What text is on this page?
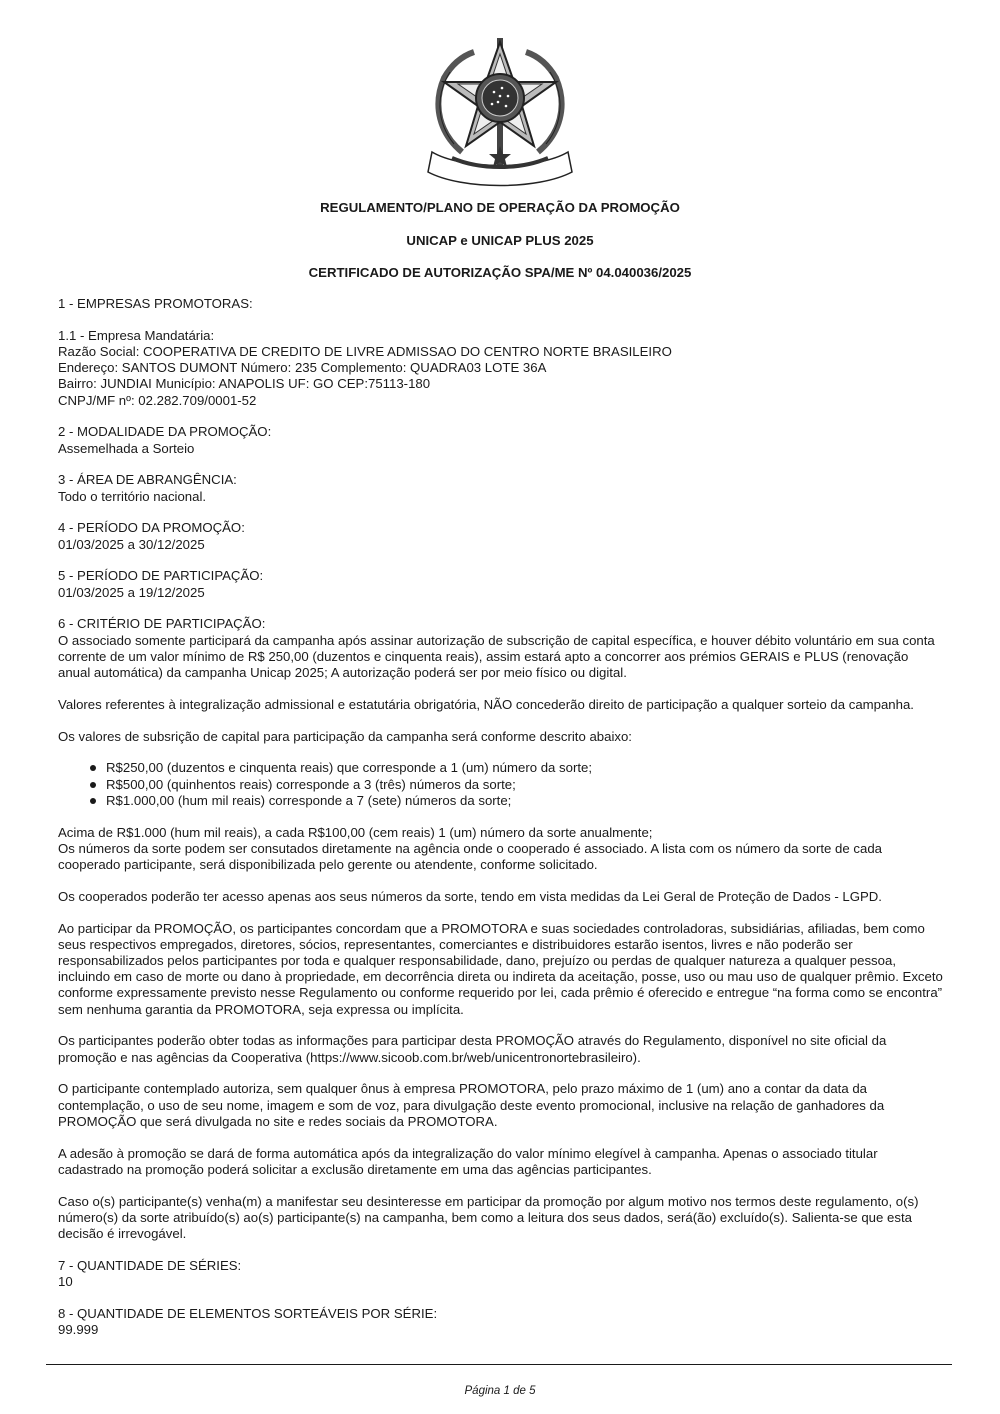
REGULAMENTO/PLANO DE OPERAÇÃO DA PROMOÇÃO

UNICAP e UNICAP PLUS 2025

CERTIFICADO DE AUTORIZAÇÃO SPA/ME Nº 04.040036/2025

1 - EMPRESAS PROMOTORAS:

1.1 - Empresa Mandatária:

Razão Social: COOPERATIVA DE CREDITO DE LIVRE ADMISSAO DO CENTRO NORTE BRASILEIRO

Endereço: SANTOS DUMONT Número: 235 Complemento: QUADRA03 LOTE 36A

Bairro: JUNDIAI Município: ANAPOLIS UF: GO CEP:75113-180

CNPJ/MF nº: 02.282.709/0001-52

2 - MODALIDADE DA PROMOÇÃO:

Assemelhada a Sorteio

3 - ÁREA DE ABRANGÊNCIA:

Todo o território nacional.

4 - PERÍODO DA PROMOÇÃO:

01/03/2025 a 30/12/2025

5 - PERÍODO DE PARTICIPAÇÃO:

01/03/2025 a 19/12/2025

6 - CRITÉRIO DE PARTICIPAÇÃO:

O associado somente participará da campanha após assinar autorização de subscrição de capital específica, e houver débito voluntário em sua conta corrente de um valor mínimo de R$ 250,00 (duzentos e cinquenta reais), assim estará apto a concorrer aos prémios GERAIS e PLUS (renovação anual automática) da campanha Unicap 2025; A autorização poderá ser por meio físico ou digital.

Valores referentes à integralização admissional e estatutária obrigatória, NÃO concederão direito de participação a qualquer sorteio da campanha.

Os valores de subsrição de capital para participação da campanha será conforme descrito abaixo:

R$250,00 (duzentos e cinquenta reais) que corresponde a 1 (um) número da sorte;
R$500,00 (quinhentos reais) corresponde a 3 (três) números da sorte;
R$1.000,00 (hum mil reais) corresponde a 7 (sete) números da sorte;

Acima de R$1.000 (hum mil reais), a cada R$100,00 (cem reais) 1 (um) número da sorte anualmente;

Os números da sorte podem ser consutados diretamente na agência onde o cooperado é associado. A lista com os número da sorte de cada cooperado participante, será disponibilizada pelo gerente ou atendente, conforme solicitado.

Os cooperados poderão ter acesso apenas aos seus números da sorte, tendo em vista medidas da Lei Geral de Proteção de Dados - LGPD.

Ao participar da PROMOÇÃO, os participantes concordam que a PROMOTORA e suas sociedades controladoras, subsidiárias, afiliadas, bem como seus respectivos empregados, diretores, sócios, representantes, comerciantes e distribuidores estarão isentos, livres e não poderão ser responsabilizados pelos participantes por toda e qualquer responsabilidade, dano, prejuízo ou perdas de qualquer natureza a qualquer pessoa, incluindo em caso de morte ou dano à propriedade, em decorrência direta ou indireta da aceitação, posse, uso ou mau uso de qualquer prêmio. Exceto conforme expressamente previsto nesse Regulamento ou conforme requerido por lei, cada prêmio é oferecido e entregue “na forma como se encontra” sem nenhuma garantia da PROMOTORA, seja expressa ou implícita.

Os participantes poderão obter todas as informações para participar desta PROMOÇÃO através do Regulamento, disponível no site oficial da promoção e nas agências da Cooperativa (https://www.sicoob.com.br/web/unicentronortebrasileiro).

O participante contemplado autoriza, sem qualquer ônus à empresa PROMOTORA, pelo prazo máximo de 1 (um) ano a contar da data da contemplação, o uso de seu nome, imagem e som de voz, para divulgação deste evento promocional, inclusive na relação de ganhadores da PROMOÇÃO que será divulgada no site e redes sociais da PROMOTORA.

A adesão à promoção se dará de forma automática após da integralização do valor mínimo elegível à campanha. Apenas o associado titular cadastrado na promoção poderá solicitar a exclusão diretamente em uma das agências participantes.

Caso o(s) participante(s) venha(m) a manifestar seu desinteresse em participar da promoção por algum motivo nos termos deste regulamento, o(s) número(s) da sorte atribuído(s) ao(s) participante(s) na campanha, bem como a leitura dos seus dados, será(ão) excluído(s). Salienta-se que esta decisão é irrevogável.

7 - QUANTIDADE DE SÉRIES:

10

8 - QUANTIDADE DE ELEMENTOS SORTEÁVEIS POR SÉRIE:

99.999

Página 1 de 5
